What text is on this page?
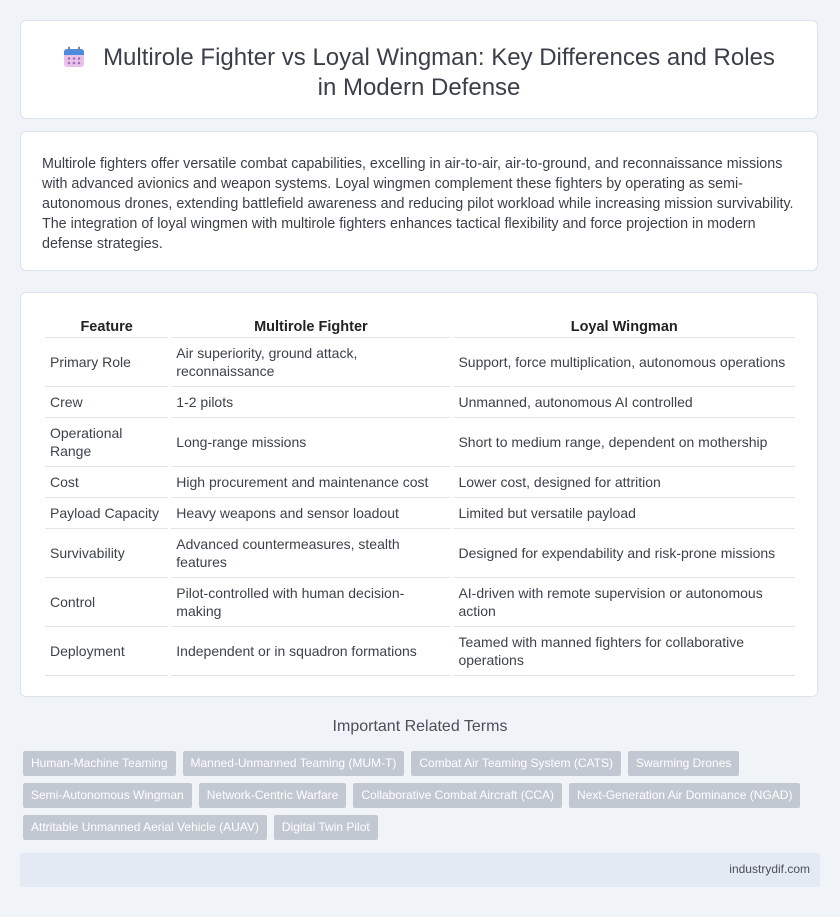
Multirole Fighter vs Loyal Wingman: Key Differences and Roles in Modern Defense

Multirole fighters offer versatile combat capabilities, excelling in air-to-air, air-to-ground, and reconnaissance missions with advanced avionics and weapon systems. Loyal wingmen complement these fighters by operating as semi-autonomous drones, extending battlefield awareness and reducing pilot workload while increasing mission survivability. The integration of loyal wingmen with multirole fighters enhances tactical flexibility and force projection in modern defense strategies.

Feature	Multirole Fighter	Loyal Wingman
Primary Role	Air superiority, ground attack, reconnaissance	Support, force multiplication, autonomous operations
Crew	1-2 pilots	Unmanned, autonomous AI controlled
Operational Range	Long-range missions	Short to medium range, dependent on mothership
Cost	High procurement and maintenance cost	Lower cost, designed for attrition
Payload Capacity	Heavy weapons and sensor loadout	Limited but versatile payload
Survivability	Advanced countermeasures, stealth features	Designed for expendability and risk-prone missions
Control	Pilot-controlled with human decision-making	AI-driven with remote supervision or autonomous action
Deployment	Independent or in squadron formations	Teamed with manned fighters for collaborative operations
Important Related Terms
Human-Machine Teaming	Manned-Unmanned Teaming (MUM-T)	Combat Air Teaming System (CATS)	Swarming Drones
Semi-Autonomous Wingman	Network-Centric Warfare	Collaborative Combat Aircraft (CCA)	Next-Generation Air Dominance (NGAD)
Attritable Unmanned Aerial Vehicle (AUAV)	Digital Twin Pilot
industrydif.com
